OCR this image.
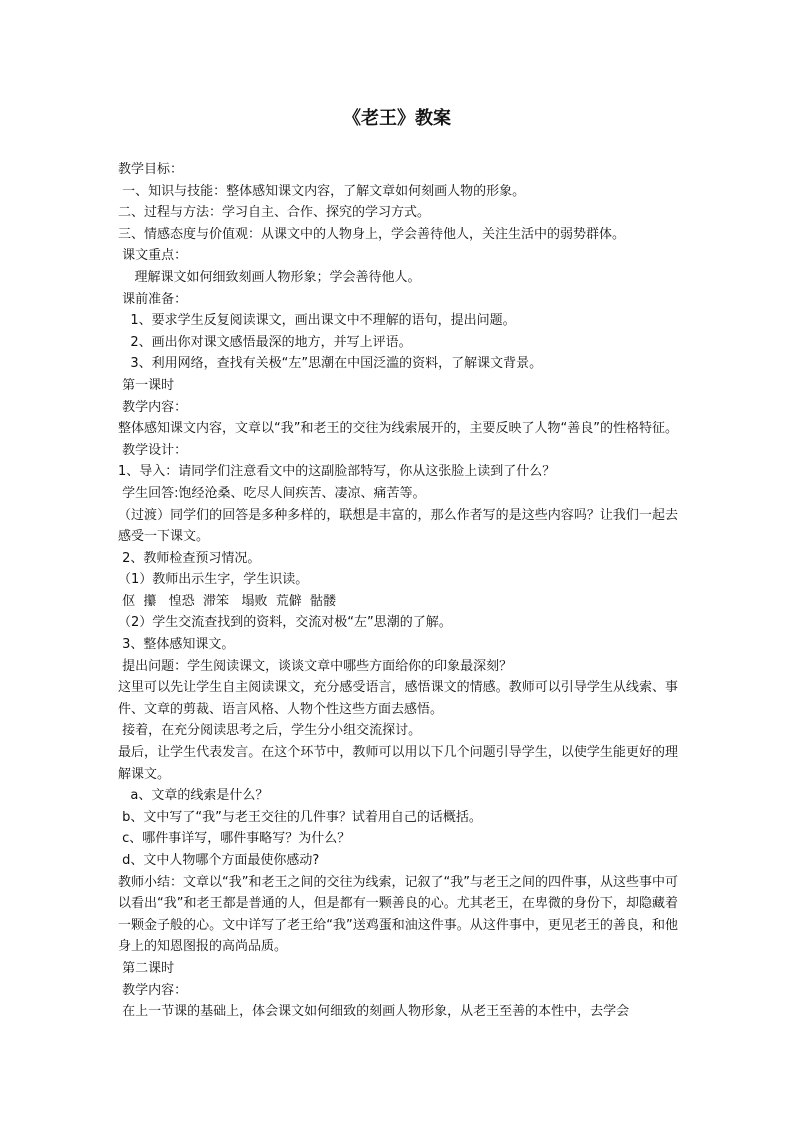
《老王》教案
教学目标：
一、知识与技能：整体感知课文内容，了解文章如何刻画人物的形象。
二、过程与方法：学习自主、合作、探究的学习方式。
三、情感态度与价值观：从课文中的人物身上，学会善待他人，关注生活中的弱势群体。
课文重点：
理解课文如何细致刻画人物形象；学会善待他人。
课前准备：
1、要求学生反复阅读课文，画出课文中不理解的语句，提出问题。
2、画出你对课文感悟最深的地方，并写上评语。
3、利用网络，查找有关极“左”思潮在中国泛滥的资料，了解课文背景。
第一课时
教学内容：
整体感知课文内容，文章以“我”和老王的交往为线索展开的，主要反映了人物“善良”的性格特征。
教学设计：
1、导入：请同学们注意看文中的这副脸部特写，你从这张脸上读到了什么？
学生回答:饱经沧桑、吃尽人间疾苦、凄凉、痛苦等。
（过渡）同学们的回答是多种多样的，联想是丰富的，那么作者写的是这些内容吗？让我们一起去感受一下课文。
2、教师检查预习情况。
（1）教师出示生字，学生识读。
伛  攥   惶恐  滞笨   塌败  荒僻  骷髅
（2）学生交流查找到的资料，交流对极“左”思潮的了解。
3、整体感知课文。
提出问题：学生阅读课文，谈谈文章中哪些方面给你的印象最深刻？
这里可以先让学生自主阅读课文，充分感受语言，感悟课文的情感。教师可以引导学生从线索、事件、文章的剪裁、语言风格、人物个性这些方面去感悟。
接着，在充分阅读思考之后，学生分小组交流探讨。
最后，让学生代表发言。在这个环节中，教师可以用以下几个问题引导学生，以使学生能更好的理解课文。
a、文章的线索是什么？
b、文中写了“我”与老王交往的几件事？试着用自己的话概括。
c、哪件事详写，哪件事略写？为什么？
d、文中人物哪个方面最使你感动?
教师小结：文章以“我”和老王之间的交往为线索，记叙了“我”与老王之间的四件事，从这些事中可以看出“我”和老王都是普通的人，但是都有一颗善良的心。尤其老王，在卑微的身份下，却隐藏着一颗金子般的心。文中详写了老王给“我”送鸡蛋和油这件事。从这件事中，更见老王的善良，和他身上的知恩图报的高尚品质。
第二课时
教学内容：
在上一节课的基础上，体会课文如何细致的刻画人物形象，从老王至善的本性中，去学会
